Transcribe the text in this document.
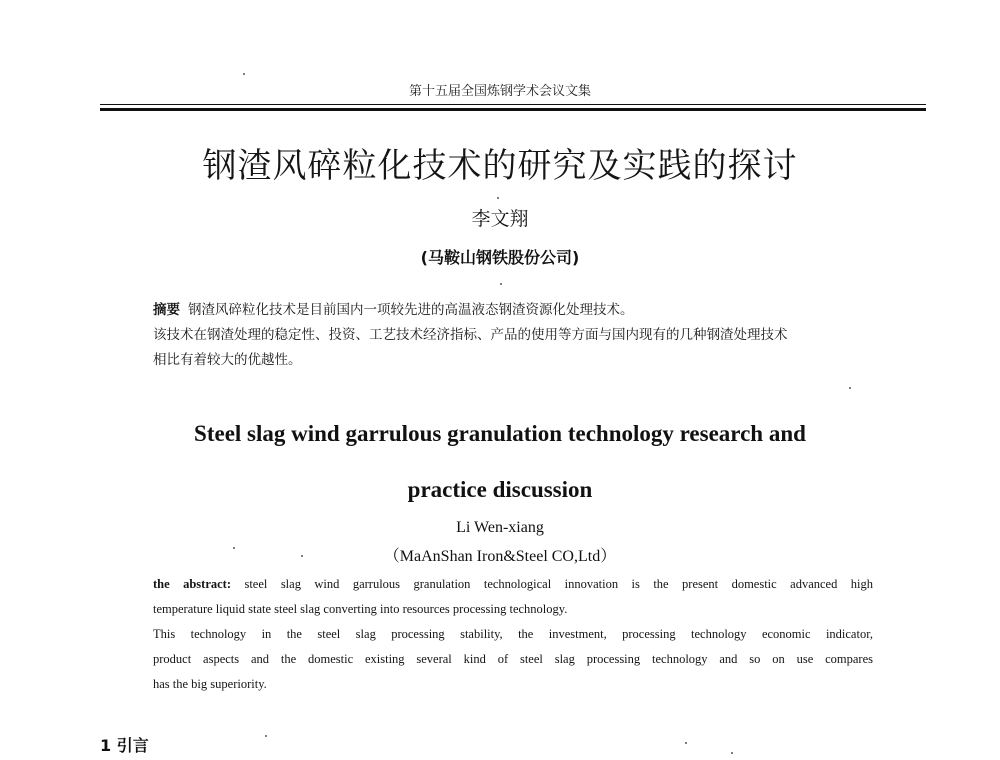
第十五届全国炼钢学术会议文集
钢渣风碎粒化技术的研究及实践的探讨
李文翔
(马鞍山钢铁股份公司)
摘要 钢渣风碎粒化技术是目前国内一项较先进的高温液态钢渣资源化处理技术。
该技术在钢渣处理的稳定性、投资、工艺技术经济指标、产品的使用等方面与国内现有的几种钢渣处理技术
相比有着较大的优越性。
Steel slag wind garrulous granulation technology research and
practice discussion
Li Wen-xiang
（MaAnShan Iron&Steel CO,Ltd）

the abstract: steel slag wind garrulous granulation technological innovation is the present domestic advanced high

temperature liquid state steel slag converting into resources processing technology.

This technology in the steel slag processing stability, the investment, processing technology economic indicator,

product aspects and the domestic existing several kind of steel slag processing technology and so on use compares

has the big superiority.

1 引言
